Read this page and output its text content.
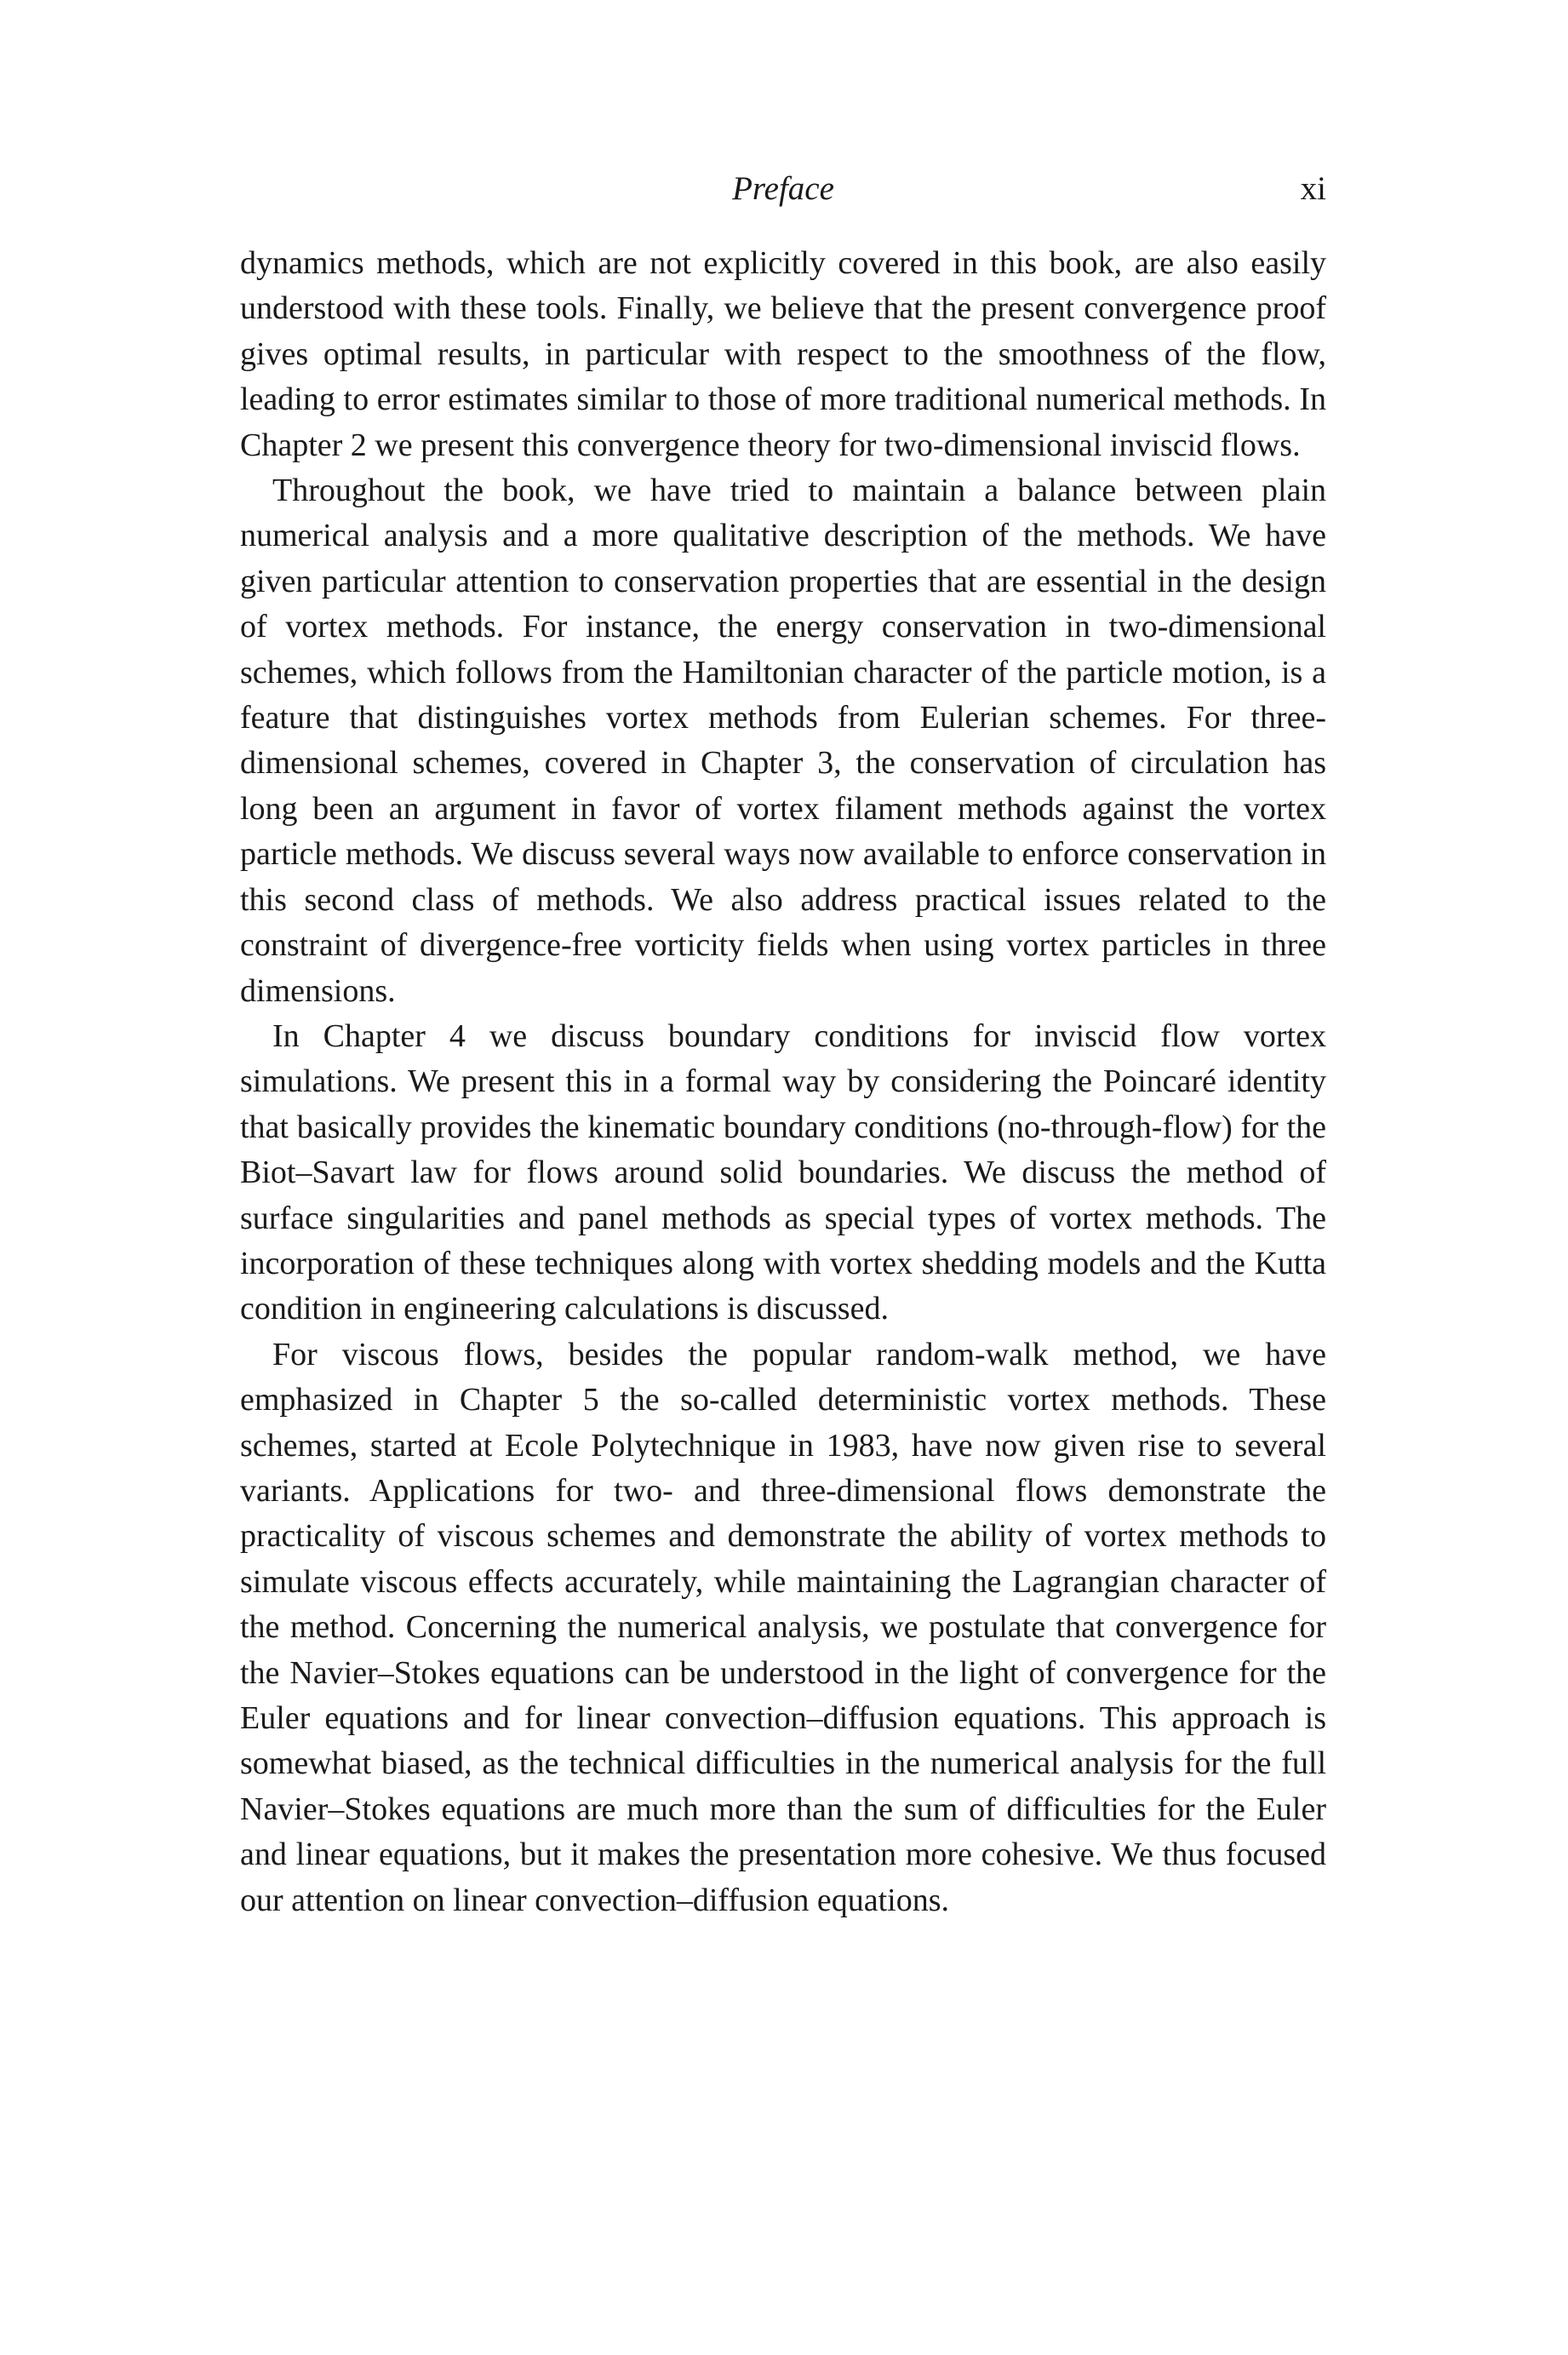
Preface	xi

dynamics methods, which are not explicitly covered in this book, are also easily understood with these tools. Finally, we believe that the present convergence proof gives optimal results, in particular with respect to the smoothness of the flow, leading to error estimates similar to those of more traditional numerical methods. In Chapter 2 we present this convergence theory for two-dimensional inviscid flows.

Throughout the book, we have tried to maintain a balance between plain numerical analysis and a more qualitative description of the methods. We have given particular attention to conservation properties that are essential in the design of vortex methods. For instance, the energy conservation in two-dimensional schemes, which follows from the Hamiltonian character of the particle motion, is a feature that distinguishes vortex methods from Eulerian schemes. For three-dimensional schemes, covered in Chapter 3, the conservation of circulation has long been an argument in favor of vortex filament methods against the vortex particle methods. We discuss several ways now available to enforce conservation in this second class of methods. We also address practical issues related to the constraint of divergence-free vorticity fields when using vortex particles in three dimensions.

In Chapter 4 we discuss boundary conditions for inviscid flow vortex simulations. We present this in a formal way by considering the Poincaré identity that basically provides the kinematic boundary conditions (no-through-flow) for the Biot–Savart law for flows around solid boundaries. We discuss the method of surface singularities and panel methods as special types of vortex methods. The incorporation of these techniques along with vortex shedding models and the Kutta condition in engineering calculations is discussed.

For viscous flows, besides the popular random-walk method, we have emphasized in Chapter 5 the so-called deterministic vortex methods. These schemes, started at Ecole Polytechnique in 1983, have now given rise to several variants. Applications for two- and three-dimensional flows demonstrate the practicality of viscous schemes and demonstrate the ability of vortex methods to simulate viscous effects accurately, while maintaining the Lagrangian character of the method. Concerning the numerical analysis, we postulate that convergence for the Navier–Stokes equations can be understood in the light of convergence for the Euler equations and for linear convection–diffusion equations. This approach is somewhat biased, as the technical difficulties in the numerical analysis for the full Navier–Stokes equations are much more than the sum of difficulties for the Euler and linear equations, but it makes the presentation more cohesive. We thus focused our attention on linear convection–diffusion equations.
